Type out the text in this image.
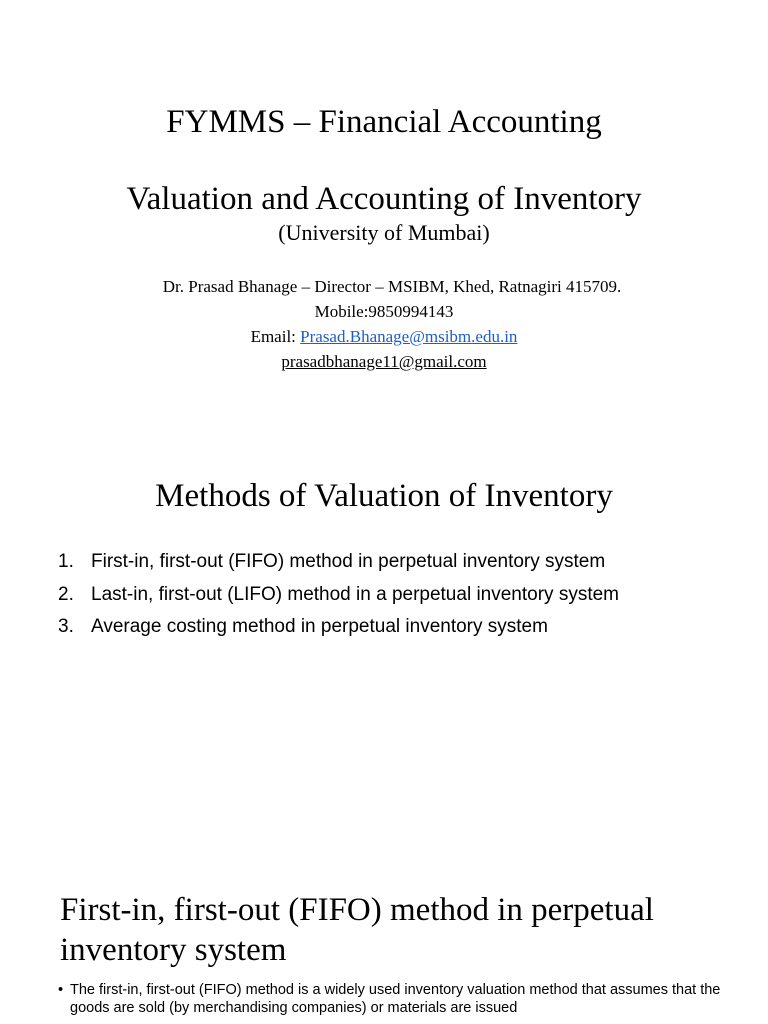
FYMMS – Financial Accounting
Valuation and Accounting of Inventory
(University of Mumbai)
Dr. Prasad Bhanage – Director – MSIBM, Khed, Ratnagiri 415709.
Mobile:9850994143
Email: Prasad.Bhanage@msibm.edu.in
prasadbhanage11@gmail.com
Methods of Valuation of Inventory
1. First-in, first-out (FIFO) method in perpetual inventory system
2. Last-in, first-out (LIFO) method in a perpetual inventory system
3. Average costing method in perpetual inventory system
First-in, first-out (FIFO) method in perpetual inventory system
• The first-in, first-out (FIFO) method is a widely used inventory valuation method that assumes that the goods are sold (by merchandising companies) or materials are issued
